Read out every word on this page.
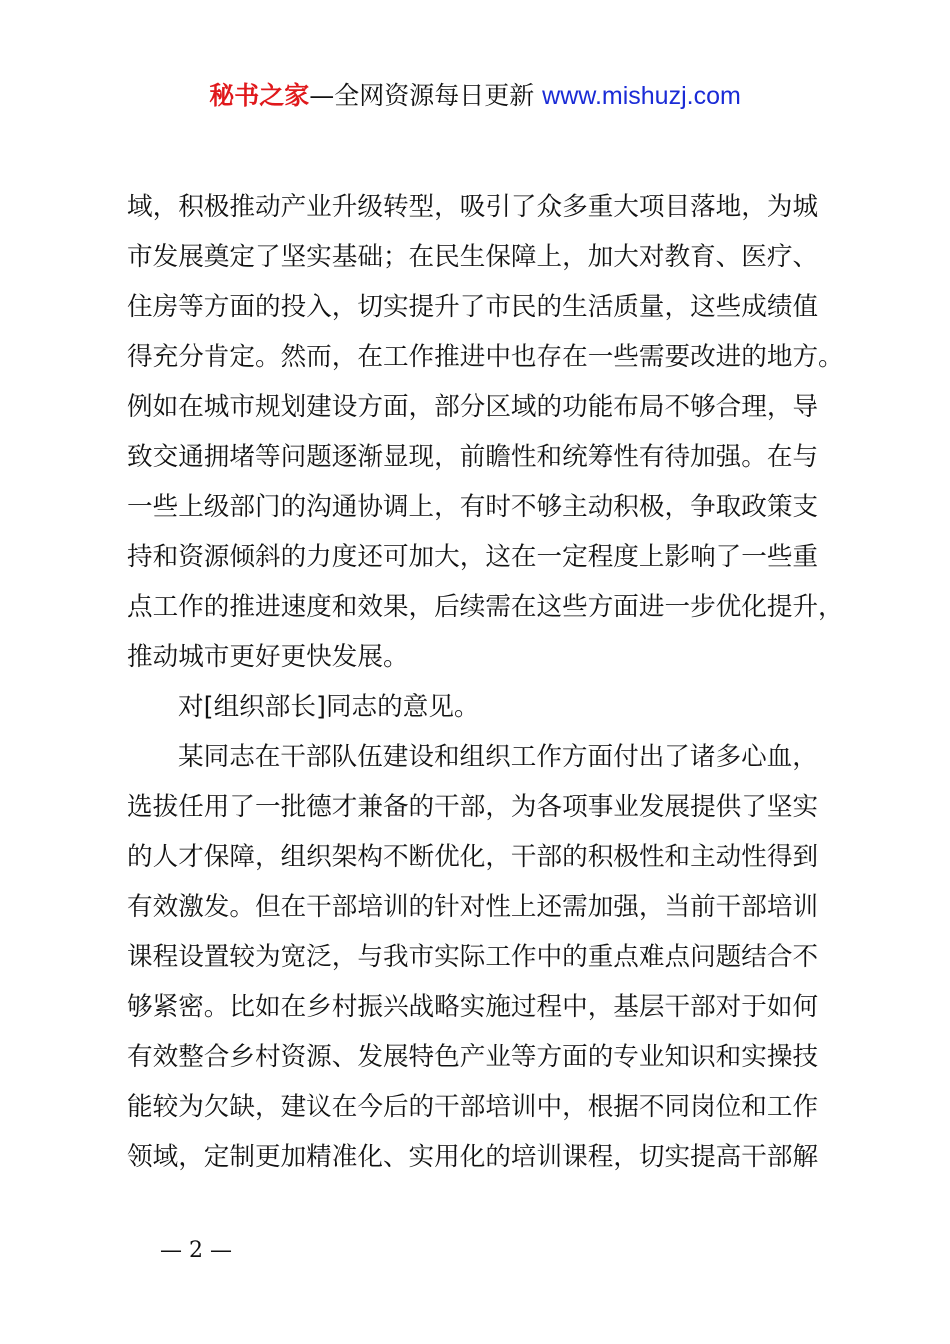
秘书之家—全网资源每日更新 www.mishuzj.com
域，积极推动产业升级转型，吸引了众多重大项目落地，为城
市发展奠定了坚实基础；在民生保障上，加大对教育、医疗、
住房等方面的投入，切实提升了市民的生活质量，这些成绩值
得充分肯定。然而，在工作推进中也存在一些需要改进的地方。
例如在城市规划建设方面，部分区域的功能布局不够合理，导
致交通拥堵等问题逐渐显现，前瞻性和统筹性有待加强。在与
一些上级部门的沟通协调上，有时不够主动积极，争取政策支
持和资源倾斜的力度还可加大，这在一定程度上影响了一些重
点工作的推进速度和效果，后续需在这些方面进一步优化提升，
推动城市更好更快发展。
对[组织部长]同志的意见。
某同志在干部队伍建设和组织工作方面付出了诸多心血，
选拔任用了一批德才兼备的干部，为各项事业发展提供了坚实
的人才保障，组织架构不断优化，干部的积极性和主动性得到
有效激发。但在干部培训的针对性上还需加强，当前干部培训
课程设置较为宽泛，与我市实际工作中的重点难点问题结合不
够紧密。比如在乡村振兴战略实施过程中，基层干部对于如何
有效整合乡村资源、发展特色产业等方面的专业知识和实操技
能较为欠缺，建议在今后的干部培训中，根据不同岗位和工作
领域，定制更加精准化、实用化的培训课程，切实提高干部解
— 2 —
